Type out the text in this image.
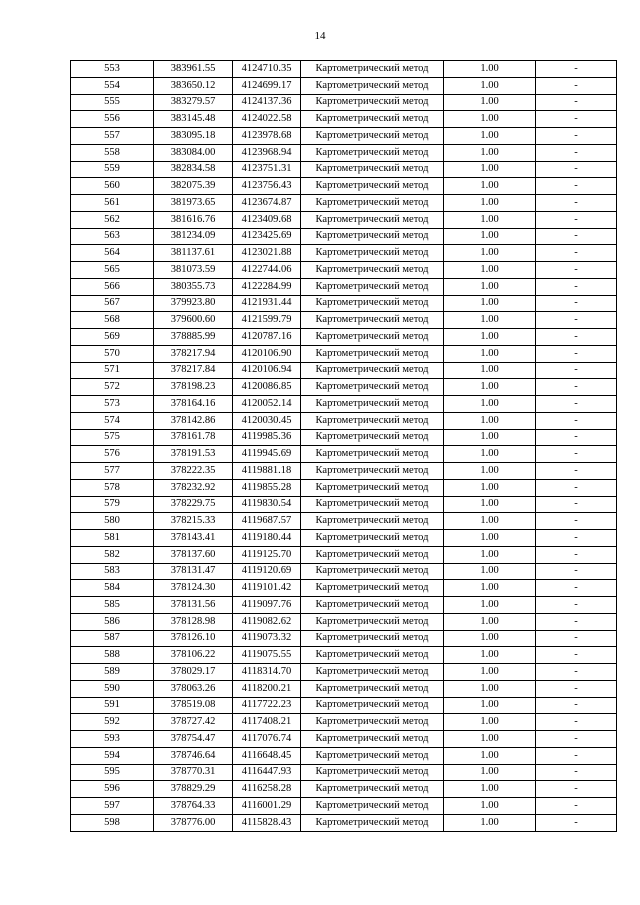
14
553	383961.55	4124710.35	Картометрический метод	1.00	-
554	383650.12	4124699.17	Картометрический метод	1.00	-
555	383279.57	4124137.36	Картометрический метод	1.00	-
556	383145.48	4124022.58	Картометрический метод	1.00	-
557	383095.18	4123978.68	Картометрический метод	1.00	-
558	383084.00	4123968.94	Картометрический метод	1.00	-
559	382834.58	4123751.31	Картометрический метод	1.00	-
560	382075.39	4123756.43	Картометрический метод	1.00	-
561	381973.65	4123674.87	Картометрический метод	1.00	-
562	381616.76	4123409.68	Картометрический метод	1.00	-
563	381234.09	4123425.69	Картометрический метод	1.00	-
564	381137.61	4123021.88	Картометрический метод	1.00	-
565	381073.59	4122744.06	Картометрический метод	1.00	-
566	380355.73	4122284.99	Картометрический метод	1.00	-
567	379923.80	4121931.44	Картометрический метод	1.00	-
568	379600.60	4121599.79	Картометрический метод	1.00	-
569	378885.99	4120787.16	Картометрический метод	1.00	-
570	378217.94	4120106.90	Картометрический метод	1.00	-
571	378217.84	4120106.94	Картометрический метод	1.00	-
572	378198.23	4120086.85	Картометрический метод	1.00	-
573	378164.16	4120052.14	Картометрический метод	1.00	-
574	378142.86	4120030.45	Картометрический метод	1.00	-
575	378161.78	4119985.36	Картометрический метод	1.00	-
576	378191.53	4119945.69	Картометрический метод	1.00	-
577	378222.35	4119881.18	Картометрический метод	1.00	-
578	378232.92	4119855.28	Картометрический метод	1.00	-
579	378229.75	4119830.54	Картометрический метод	1.00	-
580	378215.33	4119687.57	Картометрический метод	1.00	-
581	378143.41	4119180.44	Картометрический метод	1.00	-
582	378137.60	4119125.70	Картометрический метод	1.00	-
583	378131.47	4119120.69	Картометрический метод	1.00	-
584	378124.30	4119101.42	Картометрический метод	1.00	-
585	378131.56	4119097.76	Картометрический метод	1.00	-
586	378128.98	4119082.62	Картометрический метод	1.00	-
587	378126.10	4119073.32	Картометрический метод	1.00	-
588	378106.22	4119075.55	Картометрический метод	1.00	-
589	378029.17	4118314.70	Картометрический метод	1.00	-
590	378063.26	4118200.21	Картометрический метод	1.00	-
591	378519.08	4117722.23	Картометрический метод	1.00	-
592	378727.42	4117408.21	Картометрический метод	1.00	-
593	378754.47	4117076.74	Картометрический метод	1.00	-
594	378746.64	4116648.45	Картометрический метод	1.00	-
595	378770.31	4116447.93	Картометрический метод	1.00	-
596	378829.29	4116258.28	Картометрический метод	1.00	-
597	378764.33	4116001.29	Картометрический метод	1.00	-
598	378776.00	4115828.43	Картометрический метод	1.00	-
